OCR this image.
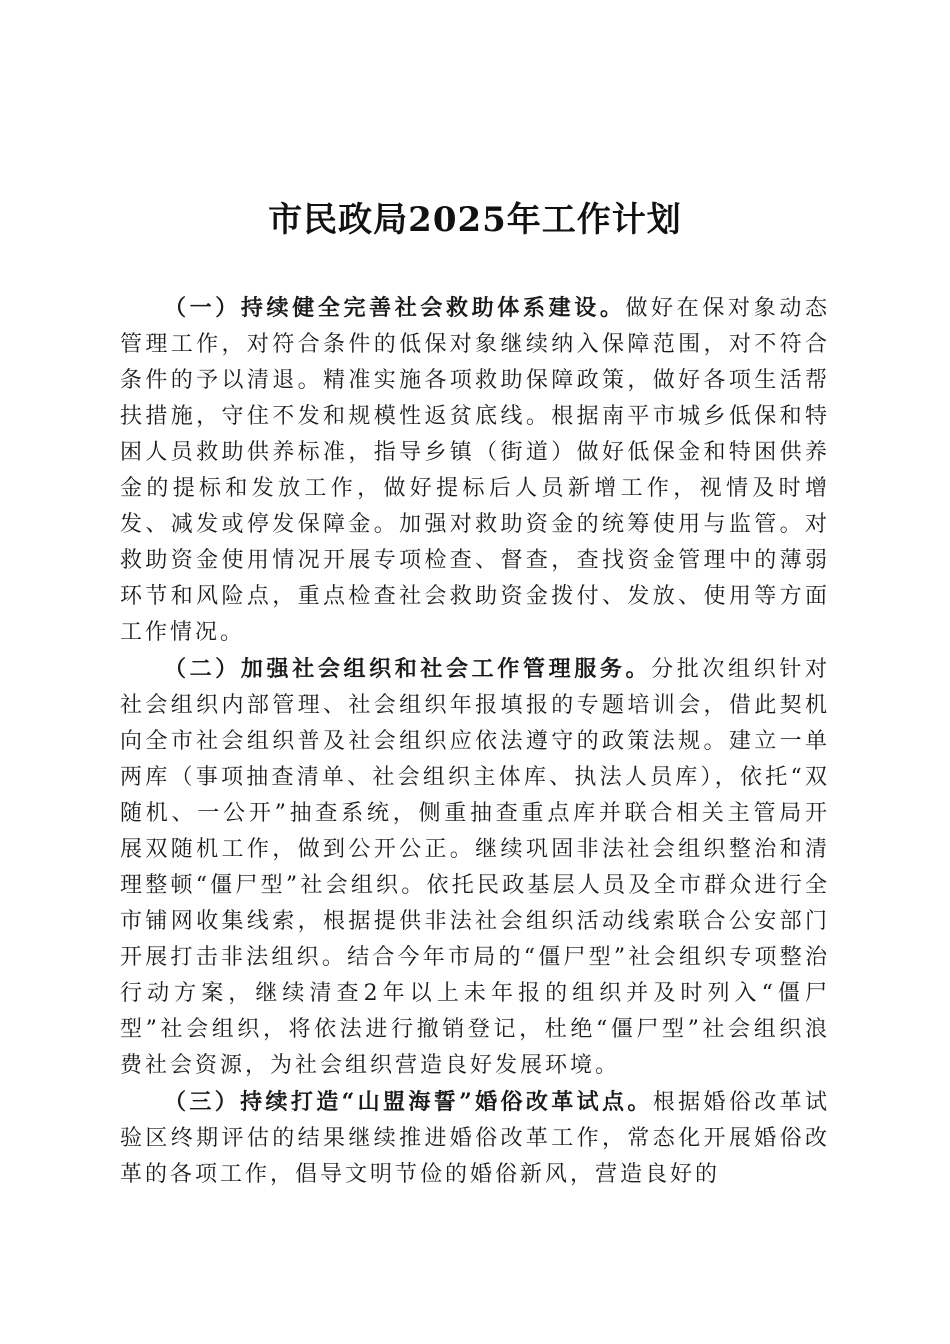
市民政局2025年工作计划

（一）持续健全完善社会救助体系建设。做好在保对象动态管理工作，对符合条件的低保对象继续纳入保障范围，对不符合条件的予以清退。精准实施各项救助保障政策，做好各项生活帮扶措施，守住不发和规模性返贫底线。根据南平市城乡低保和特困人员救助供养标准，指导乡镇（街道）做好低保金和特困供养金的提标和发放工作，做好提标后人员新增工作，视情及时增发、减发或停发保障金。加强对救助资金的统筹使用与监管。对救助资金使用情况开展专项检查、督查，查找资金管理中的薄弱环节和风险点，重点检查社会救助资金拨付、发放、使用等方面工作情况。

（二）加强社会组织和社会工作管理服务。分批次组织针对社会组织内部管理、社会组织年报填报的专题培训会，借此契机向全市社会组织普及社会组织应依法遵守的政策法规。建立一单两库（事项抽查清单、社会组织主体库、执法人员库），依托“双随机、一公开”抽查系统，侧重抽查重点库并联合相关主管局开展双随机工作，做到公开公正。继续巩固非法社会组织整治和清理整顿“僵尸型”社会组织。依托民政基层人员及全市群众进行全市铺网收集线索，根据提供非法社会组织活动线索联合公安部门开展打击非法组织。结合今年市局的“僵尸型”社会组织专项整治行动方案，继续清查2年以上未年报的组织并及时列入“僵尸型”社会组织，将依法进行撤销登记，杜绝“僵尸型”社会组织浪费社会资源，为社会组织营造良好发展环境。

（三）持续打造“山盟海誓”婚俗改革试点。根据婚俗改革试验区终期评估的结果继续推进婚俗改革工作，常态化开展婚俗改革的各项工作，倡导文明节俭的婚俗新风，营造良好的
